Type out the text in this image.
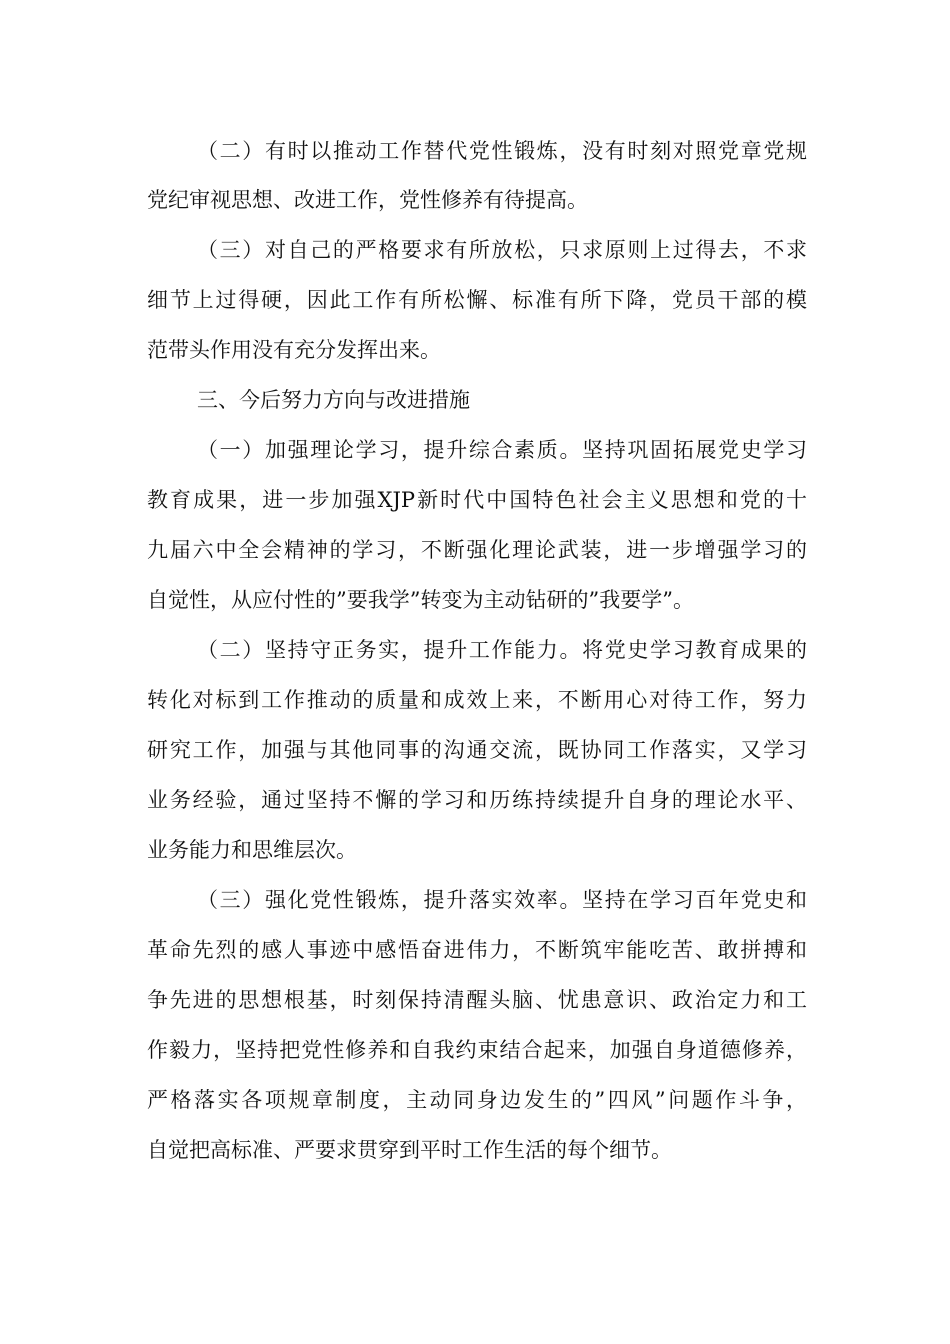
（二）有时以推动工作替代党性锻炼，没有时刻对照党章党规
党纪审视思想、改进工作，党性修养有待提高。
（三）对自己的严格要求有所放松，只求原则上过得去，不求
细节上过得硬，因此工作有所松懈、标准有所下降，党员干部的模
范带头作用没有充分发挥出来。
三、今后努力方向与改进措施
（一）加强理论学习，提升综合素质。坚持巩固拓展党史学习
教育成果，进一步加强XJP新时代中国特色社会主义思想和党的十
九届六中全会精神的学习，不断强化理论武装，进一步增强学习的
自觉性，从应付性的”要我学”转变为主动钻研的”我要学”。
（二）坚持守正务实，提升工作能力。将党史学习教育成果的
转化对标到工作推动的质量和成效上来，不断用心对待工作，努力
研究工作，加强与其他同事的沟通交流，既协同工作落实，又学习
业务经验，通过坚持不懈的学习和历练持续提升自身的理论水平、
业务能力和思维层次。
（三）强化党性锻炼，提升落实效率。坚持在学习百年党史和
革命先烈的感人事迹中感悟奋进伟力，不断筑牢能吃苦、敢拼搏和
争先进的思想根基，时刻保持清醒头脑、忧患意识、政治定力和工
作毅力，坚持把党性修养和自我约束结合起来，加强自身道德修养，
严格落实各项规章制度，主动同身边发生的”四风”问题作斗争，
自觉把高标准、严要求贯穿到平时工作生活的每个细节。
